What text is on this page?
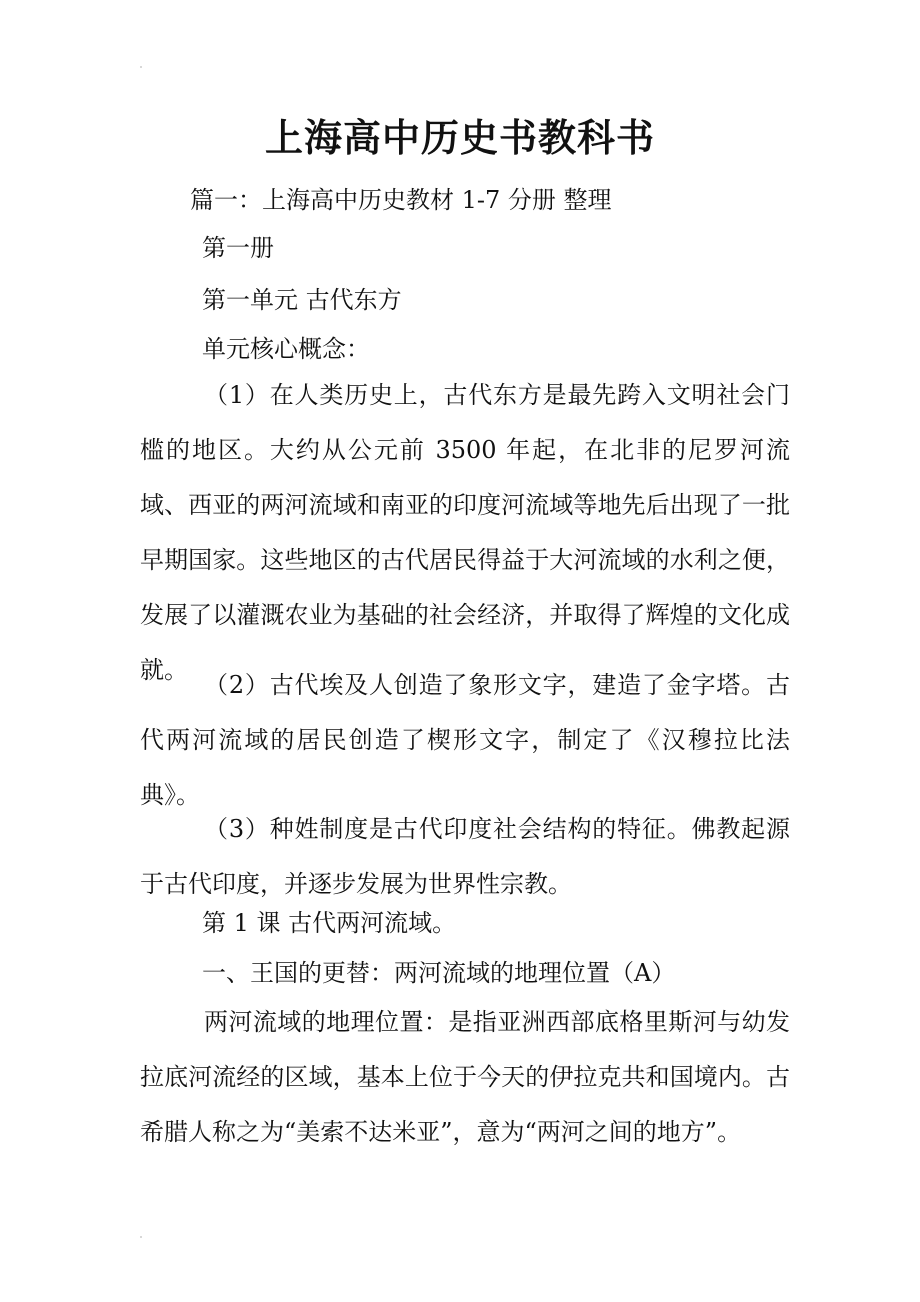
上海高中历史书教科书

篇一：上海高中历史教材 1-7 分册 整理

第一册

第一单元 古代东方

单元核心概念：

（1）在人类历史上，古代东方是最先跨入文明社会门槛的地区。大约从公元前 3500 年起，在北非的尼罗河流域、西亚的两河流域和南亚的印度河流域等地先后出现了一批早期国家。这些地区的古代居民得益于大河流域的水利之便，发展了以灌溉农业为基础的社会经济，并取得了辉煌的文化成就。

（2）古代埃及人创造了象形文字，建造了金字塔。古代两河流域的居民创造了楔形文字，制定了《汉穆拉比法典》。

（3）种姓制度是古代印度社会结构的特征。佛教起源于古代印度，并逐步发展为世界性宗教。

第 1 课 古代两河流域。

一、王国的更替：两河流域的地理位置（A）

两河流域的地理位置：是指亚洲西部底格里斯河与幼发拉底河流经的区域，基本上位于今天的伊拉克共和国境内。古希腊人称之为“美索不达米亚”，意为“两河之间的地方”。
